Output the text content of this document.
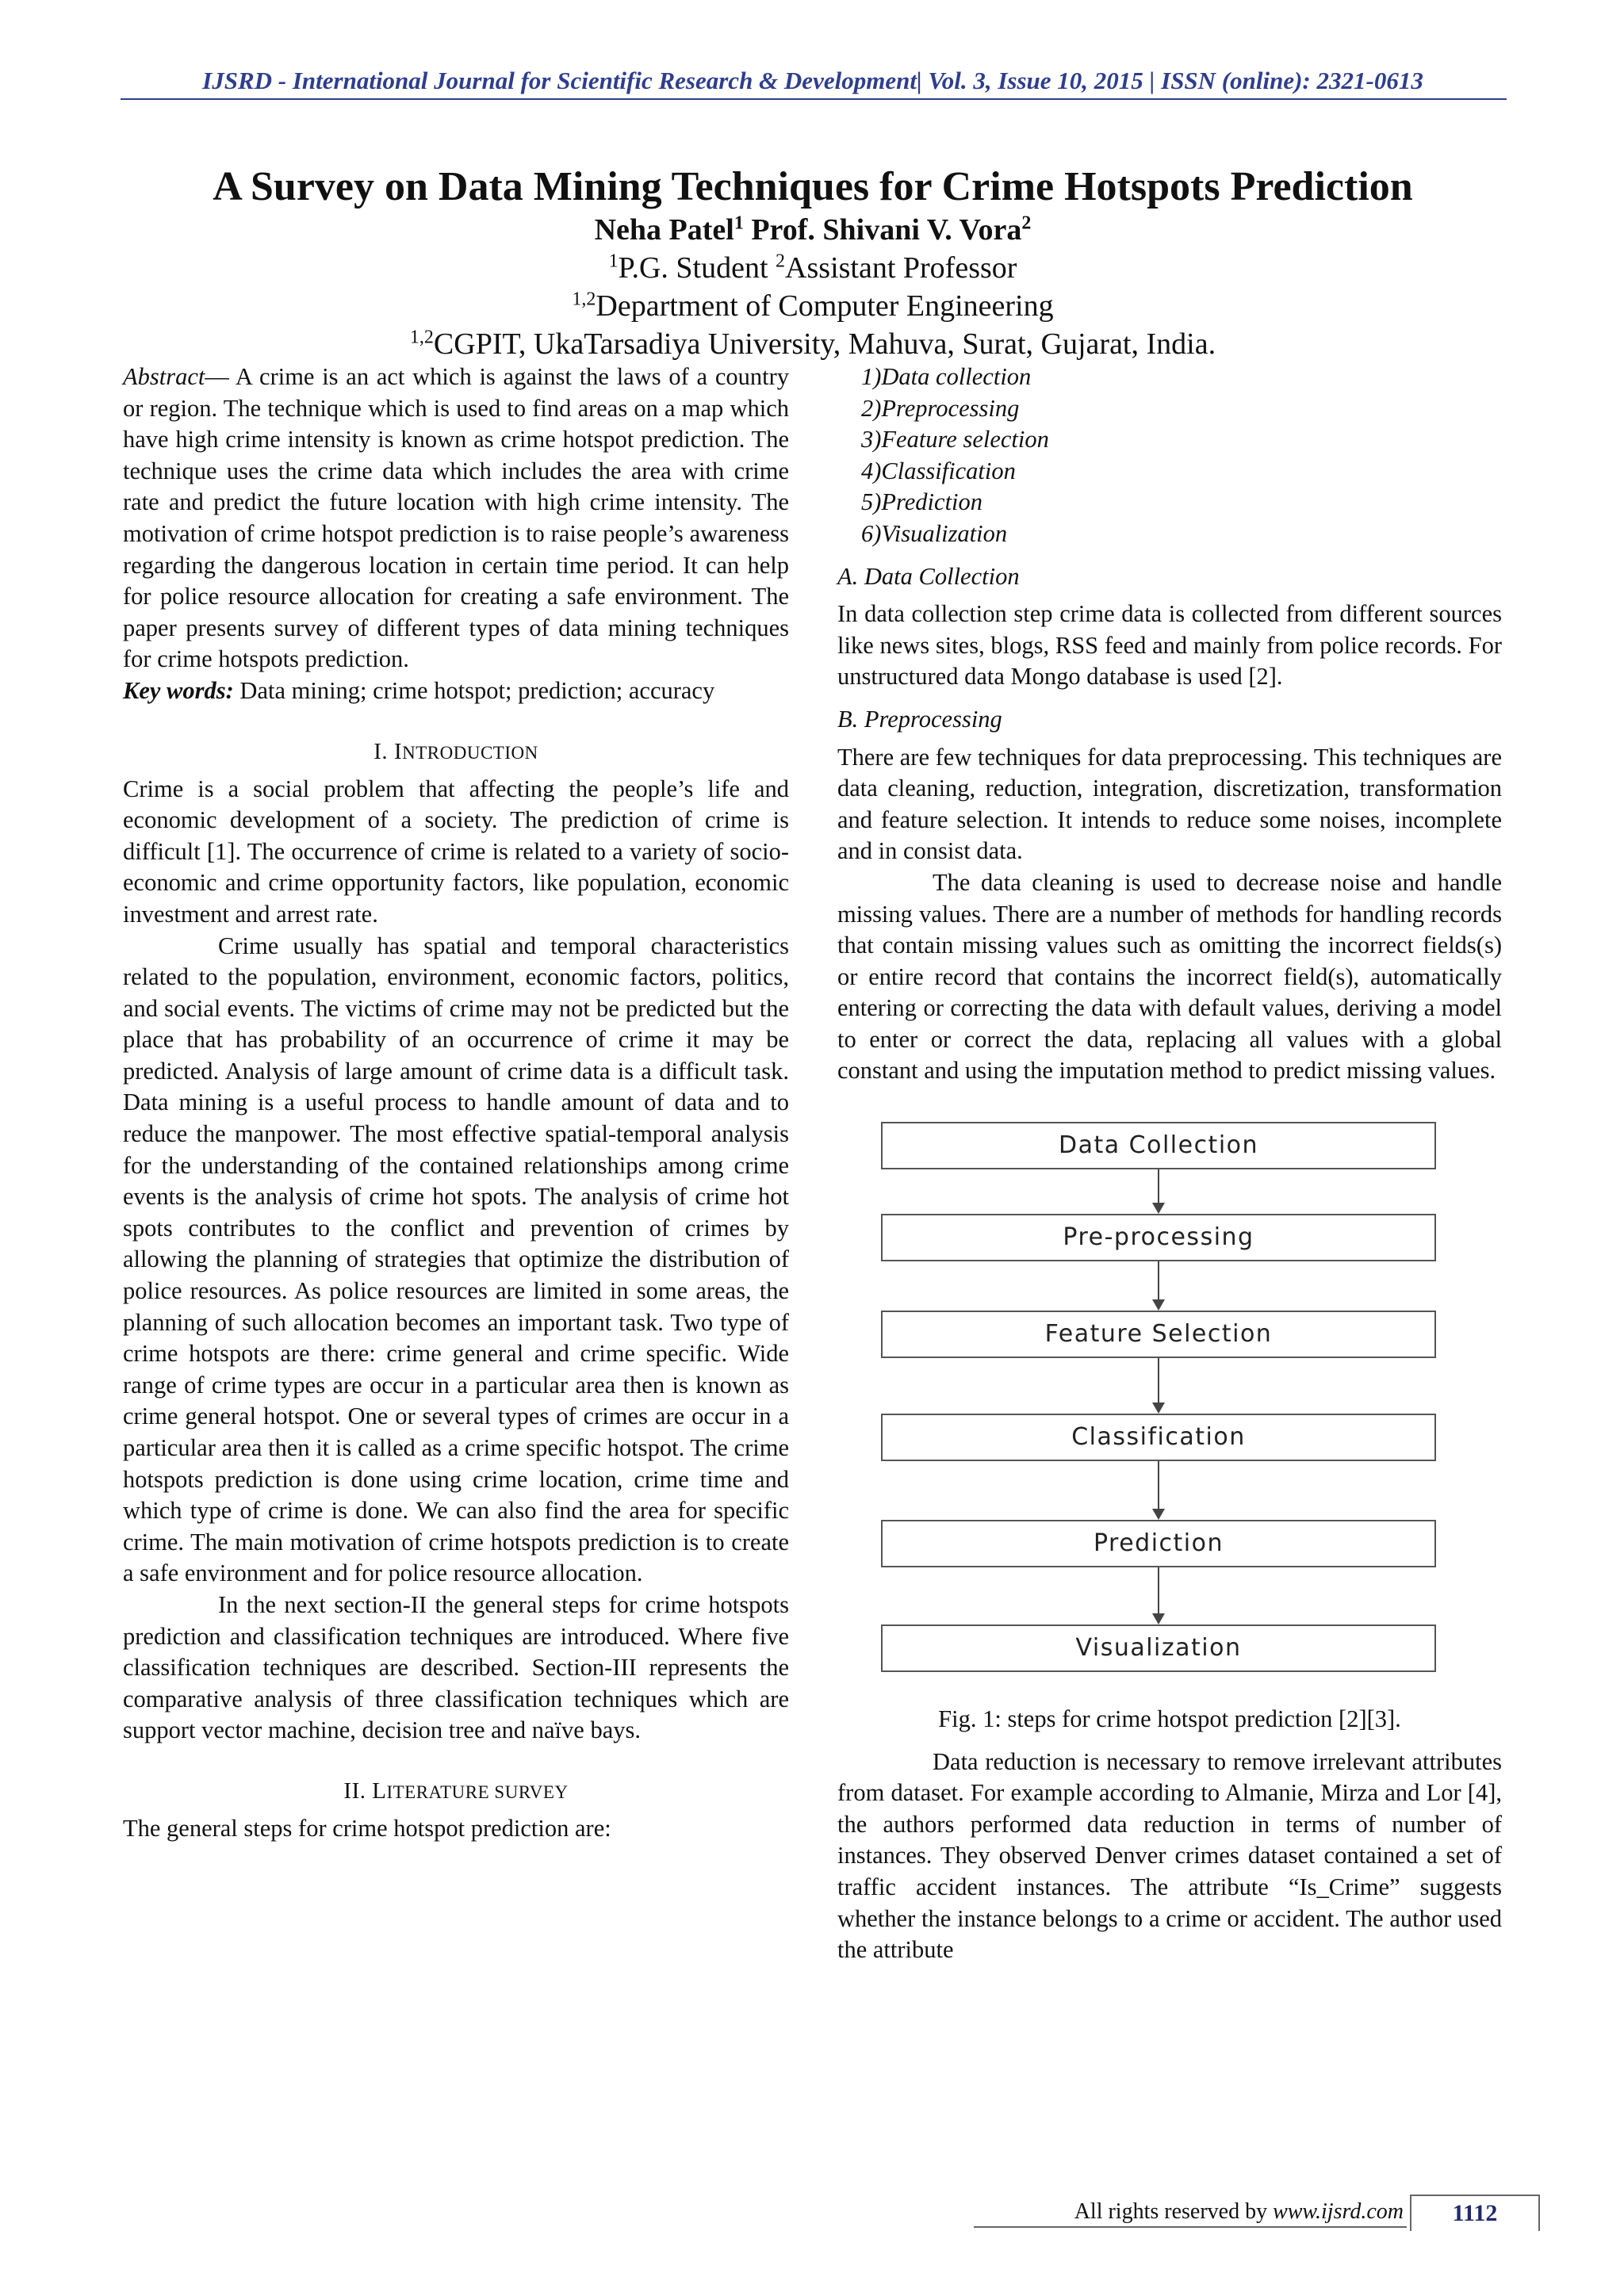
IJSRD - International Journal for Scientific Research & Development| Vol. 3, Issue 10, 2015 | ISSN (online): 2321-0613
A Survey on Data Mining Techniques for Crime Hotspots Prediction
Neha Patel$^1$ Prof. Shivani V. Vora$^2$
$^1$P.G. Student $^2$Assistant Professor
$^{1,2}$Department of Computer Engineering
$^{1,2}$CGPIT, UkaTarsadiya University, Mahuva, Surat, Gujarat, India.

Abstract— A crime is an act which is against the laws of a country or region. The technique which is used to find areas on a map which have high crime intensity is known as crime hotspot prediction. The technique uses the crime data which includes the area with crime rate and predict the future location with high crime intensity. The motivation of crime hotspot prediction is to raise people’s awareness regarding the dangerous location in certain time period. It can help for police resource allocation for creating a safe environment. The paper presents survey of different types of data mining techniques for crime hotspots prediction.

Key words: Data mining; crime hotspot; prediction; accuracy

I. INTRODUCTION

Crime is a social problem that affecting the people’s life and economic development of a society. The prediction of crime is difficult [1]. The occurrence of crime is related to a variety of socio-economic and crime opportunity factors, like population, economic investment and arrest rate.

Crime usually has spatial and temporal characteristics related to the population, environment, economic factors, politics, and social events. The victims of crime may not be predicted but the place that has probability of an occurrence of crime it may be predicted. Analysis of large amount of crime data is a difficult task. Data mining is a useful process to handle amount of data and to reduce the manpower. The most effective spatial-temporal analysis for the understanding of the contained relationships among crime events is the analysis of crime hot spots. The analysis of crime hot spots contributes to the conflict and prevention of crimes by allowing the planning of strategies that optimize the distribution of police resources. As police resources are limited in some areas, the planning of such allocation becomes an important task. Two type of crime hotspots are there: crime general and crime specific. Wide range of crime types are occur in a particular area then is known as crime general hotspot. One or several types of crimes are occur in a particular area then it is called as a crime specific hotspot. The crime hotspots prediction is done using crime location, crime time and which type of crime is done. We can also find the area for specific crime. The main motivation of crime hotspots prediction is to create a safe environment and for police resource allocation.

In the next section-II the general steps for crime hotspots prediction and classification techniques are introduced. Where five classification techniques are described. Section-III represents the comparative analysis of three classification techniques which are support vector machine, decision tree and naïve bays.

II. LITERATURE SURVEY

The general steps for crime hotspot prediction are:

1)Data collection
2)Preprocessing
3)Feature selection
4)Classification
5)Prediction
6)Visualization
A. Data Collection

In data collection step crime data is collected from different sources like news sites, blogs, RSS feed and mainly from police records. For unstructured data Mongo database is used [2].

B. Preprocessing

There are few techniques for data preprocessing. This techniques are data cleaning, reduction, integration, discretization, transformation and feature selection. It intends to reduce some noises, incomplete and in consist data.

The data cleaning is used to decrease noise and handle missing values. There are a number of methods for handling records that contain missing values such as omitting the incorrect fields(s) or entire record that contains the incorrect field(s), automatically entering or correcting the data with default values, deriving a model to enter or correct the data, replacing all values with a global constant and using the imputation method to predict missing values.

Data Collection
Pre-processing
Feature Selection
Classification
Prediction
Visualization
Fig. 1: steps for crime hotspot prediction [2][3].

Data reduction is necessary to remove irrelevant attributes from dataset. For example according to Almanie, Mirza and Lor [4], the authors performed data reduction in terms of number of instances. They observed Denver crimes dataset contained a set of traffic accident instances. The attribute “Is_Crime” suggests whether the instance belongs to a crime or accident. The author used the attribute

All rights reserved by www.ijsrd.com	1112
